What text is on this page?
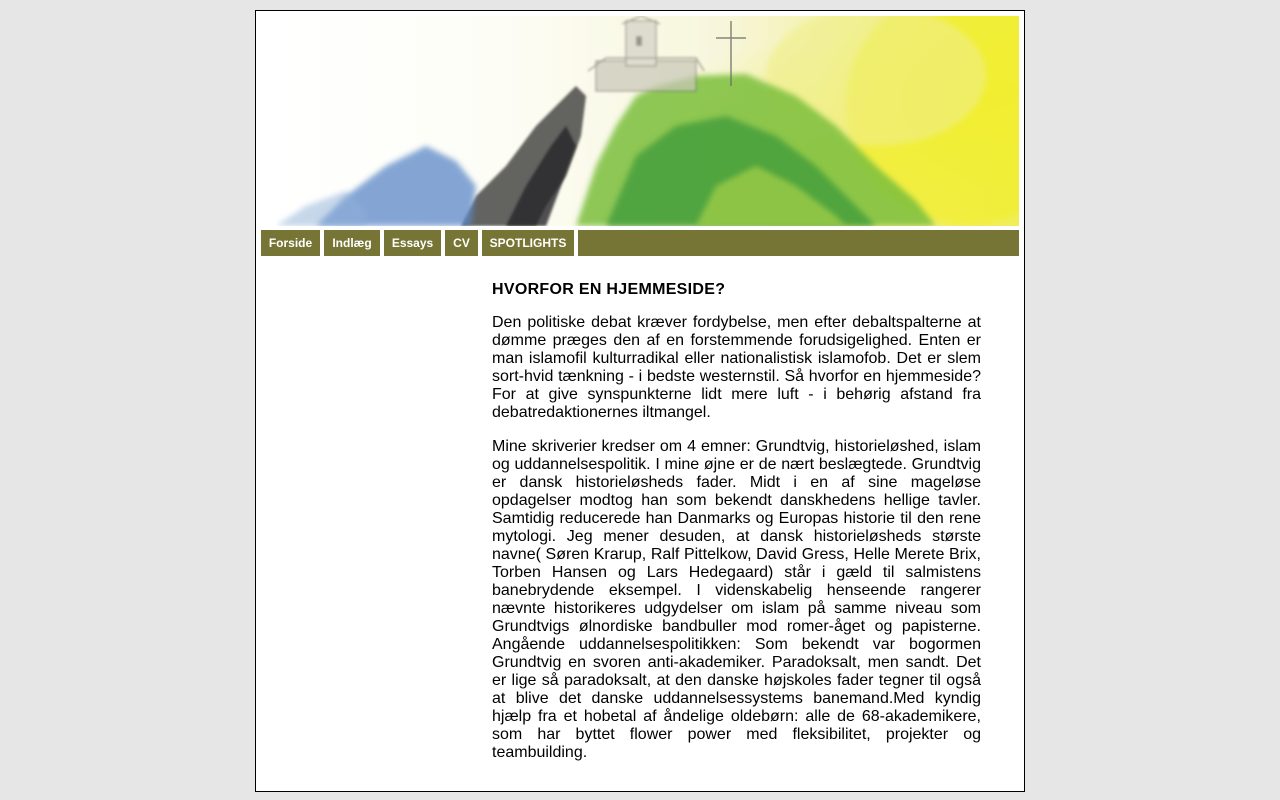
Forside	Indlæg	Essays	CV	SPOTLIGHTS
HVORFOR EN HJEMMESIDE?

Den politiske debat kræver fordybelse, men efter debaltspalterne at dømme præges den af en forstemmende forudsigelighed. Enten er man islamofil kulturradikal eller nationalistisk islamofob. Det er slem sort-hvid tænkning - i bedste westernstil. Så hvorfor en hjemmeside? For at give synspunkterne lidt mere luft - i behørig afstand fra debatredaktionernes iltmangel.

Mine skriverier kredser om 4 emner: Grundtvig, historieløshed, islam og uddannelsespolitik. I mine øjne er de nært beslægtede. Grundtvig er dansk historieløsheds fader. Midt i en af sine mageløse opdagelser modtog han som bekendt danskhedens hellige tavler. Samtidig reducerede han Danmarks og Europas historie til den rene mytologi. Jeg mener desuden, at dansk historieløsheds største navne( Søren Krarup, Ralf Pittelkow, David Gress, Helle Merete Brix, Torben Hansen og Lars Hedegaard) står i gæld til salmistens banebrydende eksempel. I videnskabelig henseende rangerer nævnte historikeres udgydelser om islam på samme niveau som Grundtvigs ølnordiske bandbuller mod romer-åget og papisterne. Angående uddannelsespolitikken: Som bekendt var bogormen Grundtvig en svoren anti-akademiker. Paradoksalt, men sandt. Det er lige så paradoksalt, at den danske højskoles fader tegner til også at blive det danske uddannelsessystems banemand.Med kyndig hjælp fra et hobetal af åndelige oldebørn: alle de 68-akademikere, som har byttet flower power med fleksibilitet, projekter og teambuilding.
